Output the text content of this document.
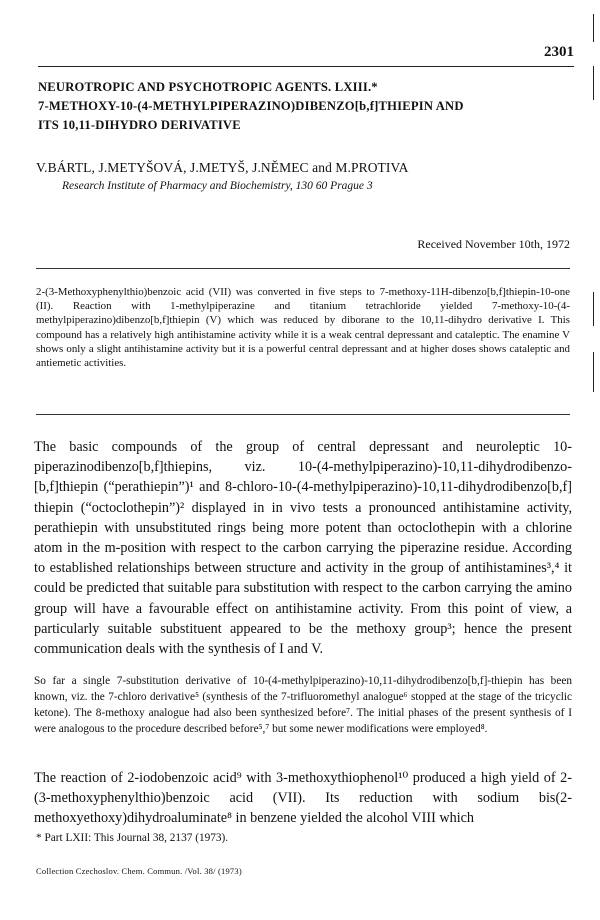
2301
NEUROTROPIC AND PSYCHOTROPIC AGENTS. LXIII.*
7-METHOXY-10-(4-METHYLPIPERAZINO)DIBENZO[b,f]THIEPIN AND
ITS 10,11-DIHYDRO DERIVATIVE
V.BÁRTL, J.METYŠOVÁ, J.METYŠ, J.NĚMEC and M.PROTIVA
Research Institute of Pharmacy and Biochemistry, 130 60 Prague 3
Received November 10th, 1972
2-(3-Methoxyphenylthio)benzoic acid (VII) was converted in five steps to 7-methoxy-11H-dibenzo[b,f]thiepin-10-one (II). Reaction with 1-methylpiperazine and titanium tetrachloride yielded 7-methoxy-10-(4-methylpiperazino)dibenzo[b,f]thiepin (V) which was reduced by diborane to the 10,11-dihydro derivative I. This compound has a relatively high antihistamine activity while it is a weak central depressant and cataleptic. The enamine V shows only a slight antihistamine activity but it is a powerful central depressant and at higher doses shows cataleptic and antiemetic activities.
The basic compounds of the group of central depressant and neuroleptic 10-piperazinodibenzo[b,f]thiepins, viz. 10-(4-methylpiperazino)-10,11-dihydrodibenzo-[b,f]thiepin (“perathiepin”)¹ and 8-chloro-10-(4-methylpiperazino)-10,11-dihydrodibenzo[b,f] thiepin (“octoclothepin”)² displayed in in vivo tests a pronounced antihistamine activity, perathiepin with unsubstituted rings being more potent than octoclothepin with a chlorine atom in the m-position with respect to the carbon carrying the piperazine residue. According to established relationships between structure and activity in the group of antihistamines³,⁴ it could be predicted that suitable para substitution with respect to the carbon carrying the amino group will have a favourable effect on antihistamine activity. From this point of view, a particularly suitable substituent appeared to be the methoxy group³; hence the present communication deals with the synthesis of I and V.
So far a single 7-substitution derivative of 10-(4-methylpiperazino)-10,11-dihydrodibenzo[b,f]-thiepin has been known, viz. the 7-chloro derivative⁵ (synthesis of the 7-trifluoromethyl analogue⁶ stopped at the stage of the tricyclic ketone). The 8-methoxy analogue had also been synthesized before⁷. The initial phases of the present synthesis of I were analogous to the procedure described before⁵,⁷ but some newer modifications were employed⁸.
The reaction of 2-iodobenzoic acid⁹ with 3-methoxythiophenol¹⁰ produced a high yield of 2-(3-methoxyphenylthio)benzoic acid (VII). Its reduction with sodium bis(2-methoxyethoxy)dihydroaluminate⁸ in benzene yielded the alcohol VIII which
* Part LXII: This Journal 38, 2137 (1973).
Collection Czechoslov. Chem. Commun. /Vol. 38/ (1973)
